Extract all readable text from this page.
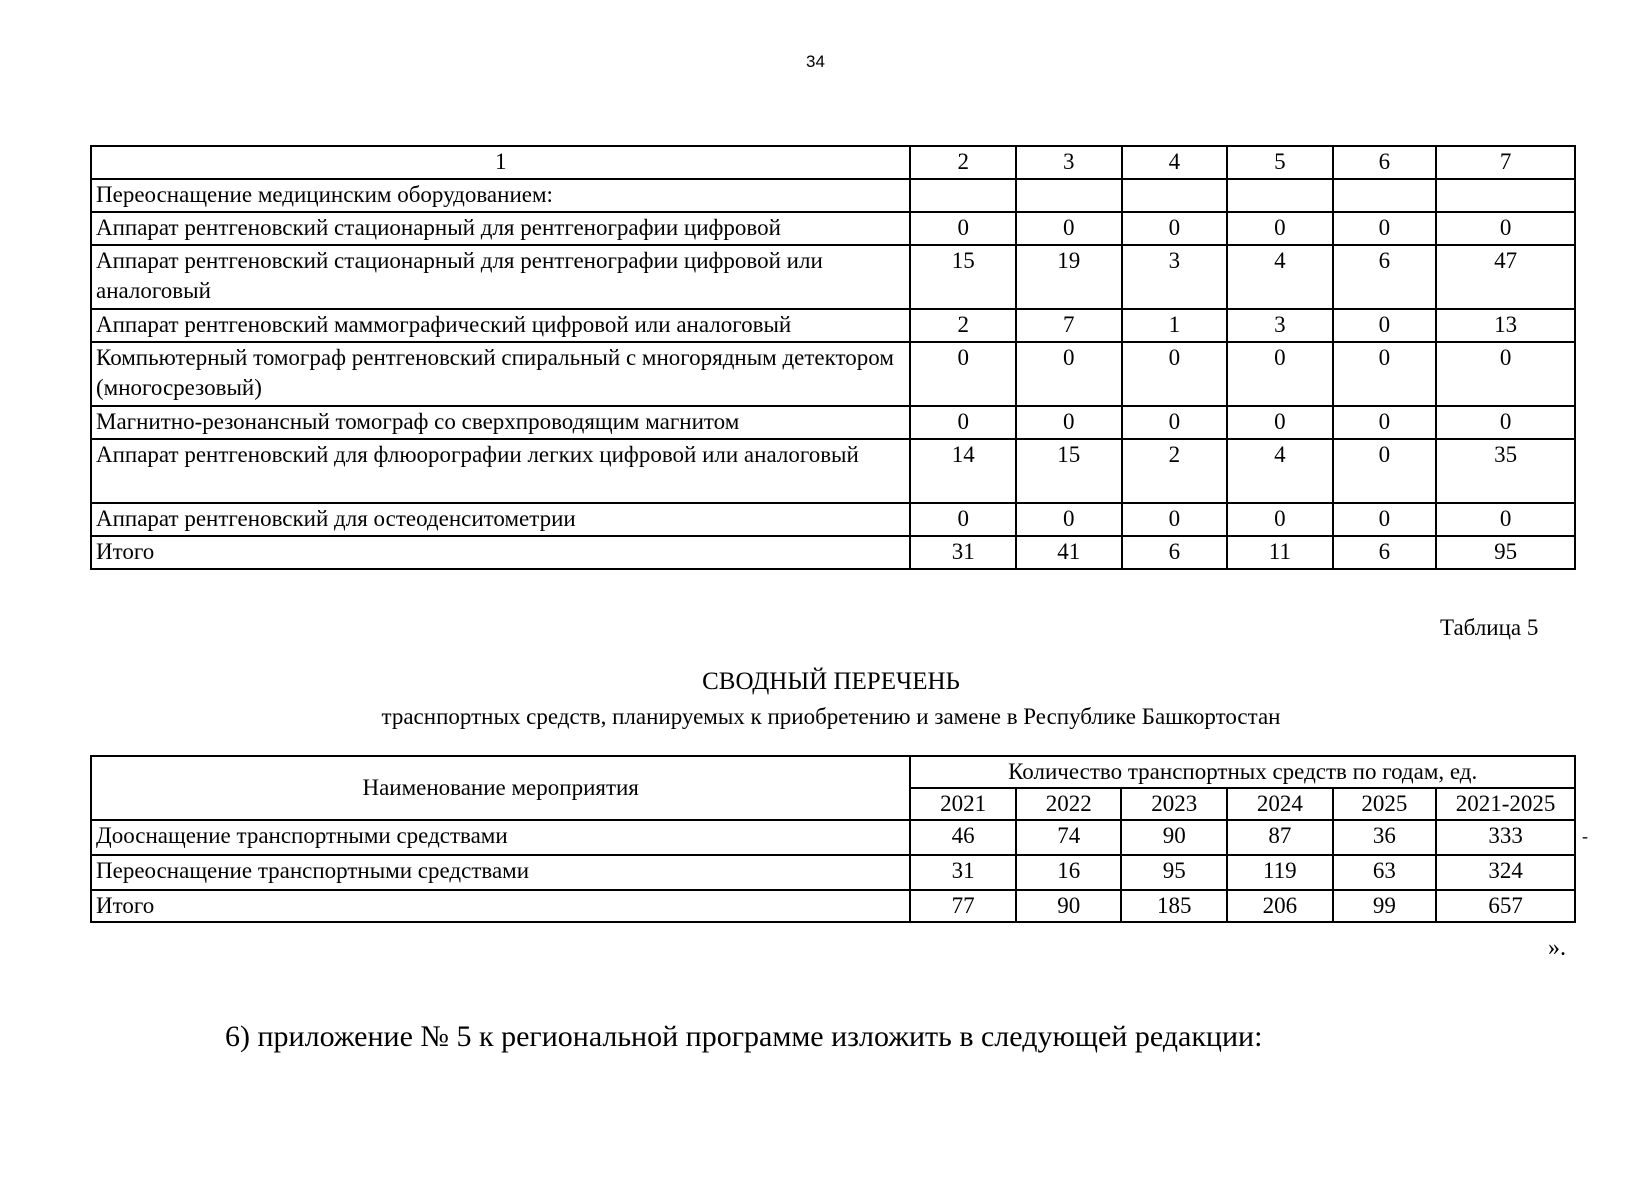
34
1	2	3	4	5	6	7
Переоснащение медицинским оборудованием:						
Аппарат рентгеновский стационарный для рентгенографии цифровой	0	0	0	0	0	0
Аппарат рентгеновский стационарный для рентгенографии цифровой или аналоговый	15	19	3	4	6	47
Аппарат рентгеновский маммографический цифровой или аналоговый	2	7	1	3	0	13
Компьютерный томограф рентгеновский спиральный с многорядным детектором (многосрезовый)	0	0	0	0	0	0
Магнитно-резонансный томограф со сверхпроводящим магнитом	0	0	0	0	0	0
Аппарат рентгеновский для флюорографии легких цифровой или аналоговый	14	15	2	4	0	35
Аппарат рентгеновский для остеоденситометрии	0	0	0	0	0	0
Итого	31	41	6	11	6	95
Таблица 5
СВОДНЫЙ ПЕРЕЧЕНЬ
траснпортных средств, планируемых к приобретению и замене в Республике Башкортостан
Наименование мероприятия	Количество транспортных средств по годам, ед.					
	2021	2022	2023	2024	2025	2021-2025
Дооснащение транспортными средствами	46	74	90	87	36	333
Переоснащение транспортными средствами	31	16	95	119	63	324
Итого	77	90	185	206	99	657
-
».
6) приложение № 5 к региональной программе изложить в следующей редакции:
